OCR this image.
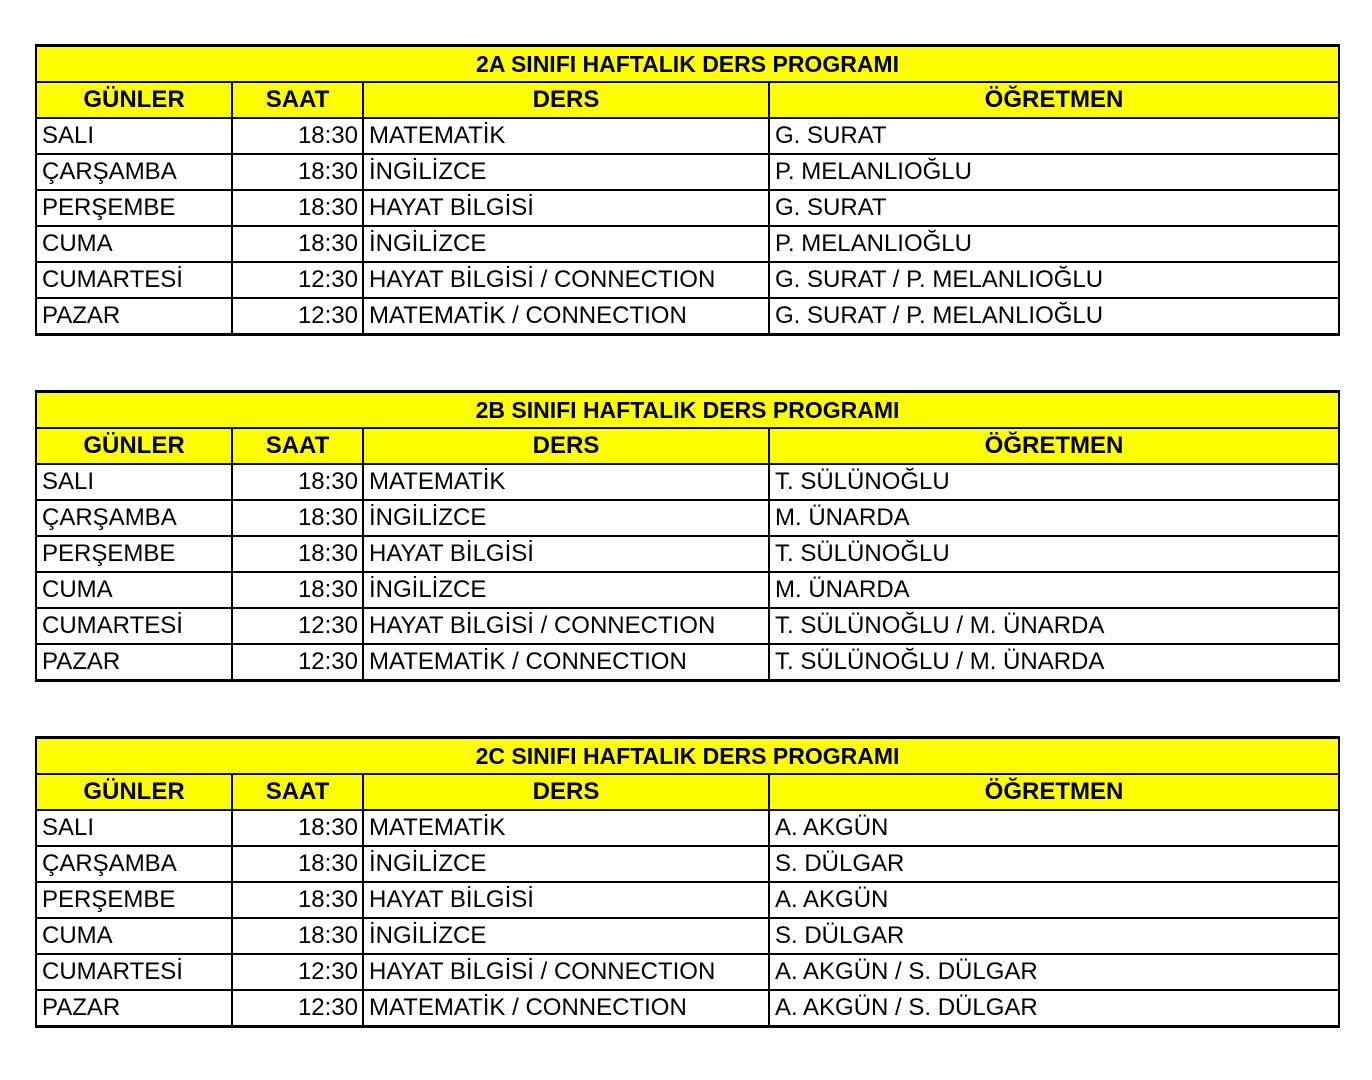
2A SINIFI HAFTALIK DERS PROGRAMI			
GÜNLER	SAAT	DERS	ÖĞRETMEN
SALI	18:30	MATEMATİK	G. SURAT
ÇARŞAMBA	18:30	İNGİLİZCE	P. MELANLIOĞLU
PERŞEMBE	18:30	HAYAT BİLGİSİ	G. SURAT
CUMA	18:30	İNGİLİZCE	P. MELANLIOĞLU
CUMARTESİ	12:30	HAYAT BİLGİSİ / CONNECTION	G. SURAT / P. MELANLIOĞLU
PAZAR	12:30	MATEMATİK / CONNECTION	G. SURAT / P. MELANLIOĞLU
2B SINIFI HAFTALIK DERS PROGRAMI			
GÜNLER	SAAT	DERS	ÖĞRETMEN
SALI	18:30	MATEMATİK	T. SÜLÜNOĞLU
ÇARŞAMBA	18:30	İNGİLİZCE	M. ÜNARDA
PERŞEMBE	18:30	HAYAT BİLGİSİ	T. SÜLÜNOĞLU
CUMA	18:30	İNGİLİZCE	M. ÜNARDA
CUMARTESİ	12:30	HAYAT BİLGİSİ / CONNECTION	T. SÜLÜNOĞLU / M. ÜNARDA
PAZAR	12:30	MATEMATİK / CONNECTION	T. SÜLÜNOĞLU / M. ÜNARDA
2C SINIFI HAFTALIK DERS PROGRAMI			
GÜNLER	SAAT	DERS	ÖĞRETMEN
SALI	18:30	MATEMATİK	A. AKGÜN
ÇARŞAMBA	18:30	İNGİLİZCE	S. DÜLGAR
PERŞEMBE	18:30	HAYAT BİLGİSİ	A. AKGÜN
CUMA	18:30	İNGİLİZCE	S. DÜLGAR
CUMARTESİ	12:30	HAYAT BİLGİSİ / CONNECTION	A. AKGÜN / S. DÜLGAR
PAZAR	12:30	MATEMATİK / CONNECTION	A. AKGÜN / S. DÜLGAR
